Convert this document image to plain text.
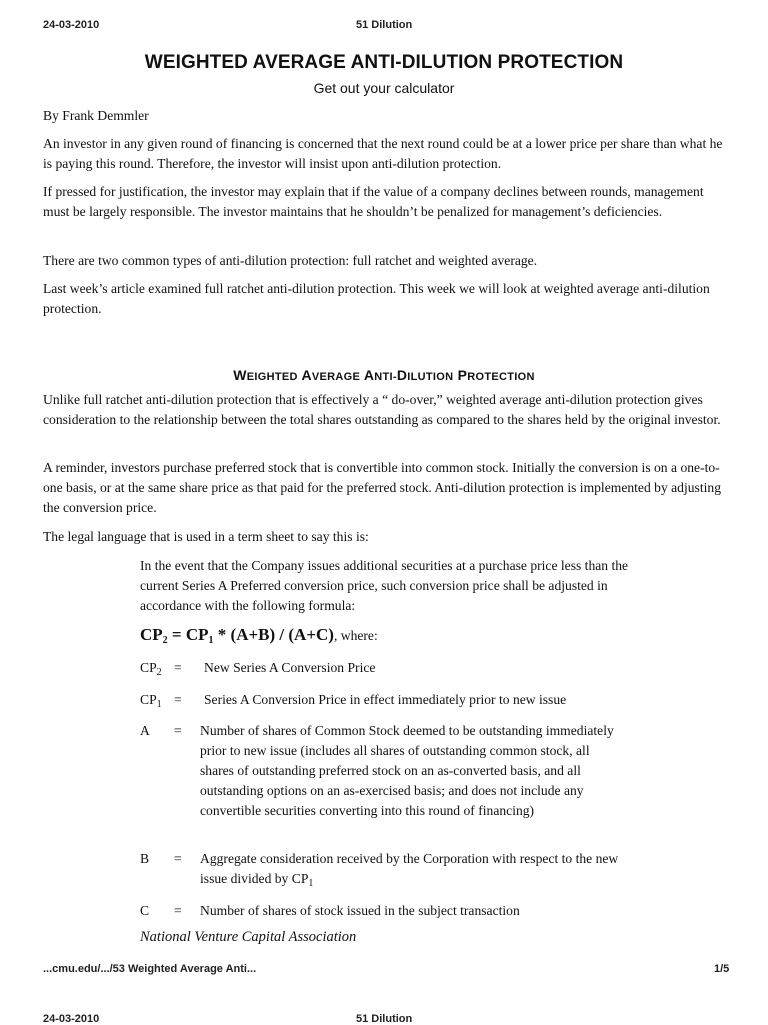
24-03-2010	51 Dilution
WEIGHTED AVERAGE ANTI-DILUTION PROTECTION
Get out your calculator
By Frank Demmler
An investor in any given round of financing is concerned that the next round could be at a lower price per share than what he is paying this round. Therefore, the investor will insist upon anti-dilution protection.
If pressed for justification, the investor may explain that if the value of a company declines between rounds, management must be largely responsible. The investor maintains that he shouldn’t be penalized for management’s deficiencies.
There are two common types of anti-dilution protection: full ratchet and weighted average.
Last week’s article examined full ratchet anti-dilution protection. This week we will look at weighted average anti-dilution protection.
WEIGHTED AVERAGE ANTI-DILUTION PROTECTION
Unlike full ratchet anti-dilution protection that is effectively a “ do-over,” weighted average anti-dilution protection gives consideration to the relationship between the total shares outstanding as compared to the shares held by the original investor.
A reminder, investors purchase preferred stock that is convertible into common stock. Initially the conversion is on a one-to-one basis, or at the same share price as that paid for the preferred stock. Anti-dilution protection is implemented by adjusting the conversion price.
The legal language that is used in a term sheet to say this is:
In the event that the Company issues additional securities at a purchase price less than the current Series A Preferred conversion price, such conversion price shall be adjusted in accordance with the following formula:
$CP_2 = CP_1 * (A+B) / (A+C)$, where:
$CP_2$ = New Series A Conversion Price
$CP_1$ = Series A Conversion Price in effect immediately prior to new issue
A = Number of shares of Common Stock deemed to be outstanding immediately prior to new issue (includes all shares of outstanding common stock, all shares of outstanding preferred stock on an as-converted basis, and all outstanding options on an as-exercised basis; and does not include any convertible securities converting into this round of financing)
B = Aggregate consideration received by the Corporation with respect to the new issue divided by $CP_1$
C = Number of shares of stock issued in the subject transaction
National Venture Capital Association
...cmu.edu/.../53 Weighted Average Anti...	1/5
24-03-2010	51 Dilution
